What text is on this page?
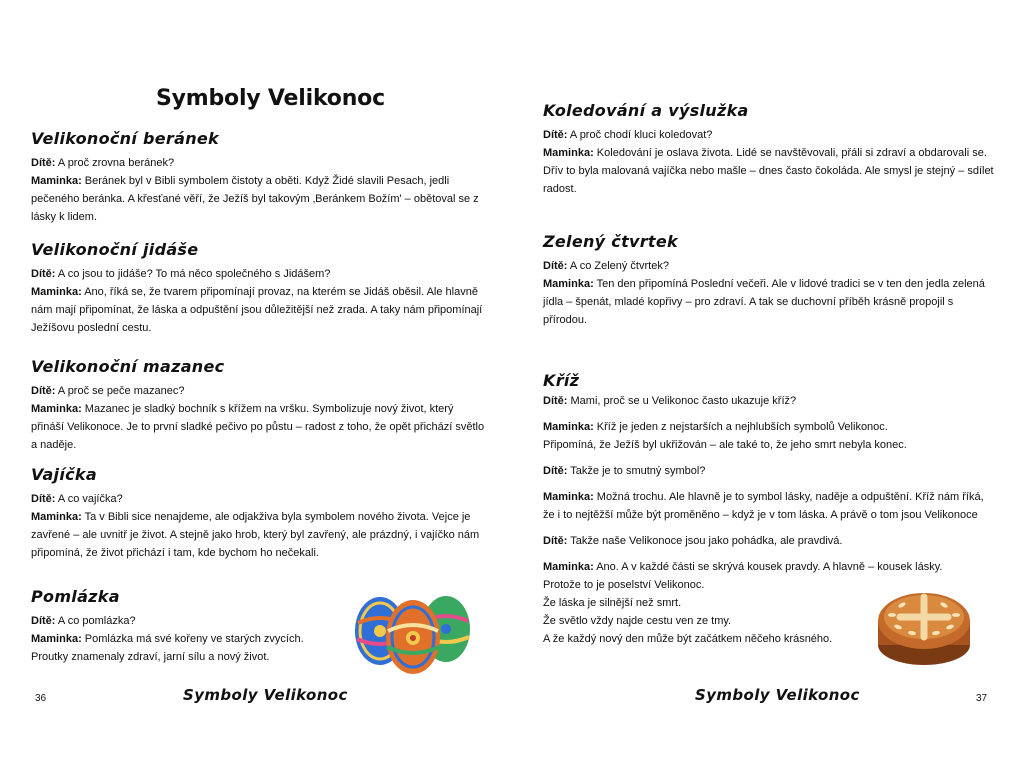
Symboly Velikonoc
Velikonoční beránek

Dítě: A proč zrovna beránek?

Maminka: Beránek byl v Bibli symbolem čistoty a oběti. Když Židé slavili Pesach, jedli pečeného beránka. A křesťané věří, že Ježíš byl takovým ‚Beránkem Božím' – obětoval se z lásky k lidem.

Velikonoční jidáše

Dítě: A co jsou to jidáše? To má něco společného s Jidášem?

Maminka: Ano, říká se, že tvarem připomínají provaz, na kterém se Jidáš oběsil. Ale hlavně nám mají připomínat, že láska a odpuštění jsou důležitější než zrada. A taky nám připomínají Ježíšovu poslední cestu.

Velikonoční mazanec

Dítě: A proč se peče mazanec?

Maminka: Mazanec je sladký bochník s křížem na vršku. Symbolizuje nový život, který přináší Velikonoce. Je to první sladké pečivo po půstu – radost z toho, že opět přichází světlo a naděje.

Vajíčka

Dítě: A co vajíčka?

Maminka: Ta v Bibli sice nenajdeme, ale odjakživa byla symbolem nového života. Vejce je zavřené – ale uvnitř je život. A stejně jako hrob, který byl zavřený, ale prázdný, i vajíčko nám připomíná, že život přichází i tam, kde bychom ho nečekali.

Pomlázka

Dítě: A co pomlázka?

Maminka: Pomlázka má své kořeny ve starých zvycích.

Proutky znamenaly zdraví, jarní sílu a nový život.

Symboly Velikonoc
36
Koledování a výslužka

Dítě: A proč chodí kluci koledovat?

Maminka: Koledování je oslava života. Lidé se navštěvovali, přáli si zdraví a obdarovali se. Dřív to byla malovaná vajíčka nebo mašle – dnes často čokoláda. Ale smysl je stejný – sdílet radost.

Zelený čtvrtek

Dítě: A co Zelený čtvrtek?

Maminka: Ten den připomíná Poslední večeři. Ale v lidové tradici se v ten den jedla zelená jídla – špenát, mladé kopřivy – pro zdraví. A tak se duchovní příběh krásně propojil s přírodou.

Kříž

Dítě: Mami, proč se u Velikonoc často ukazuje kříž?

Maminka: Kříž je jeden z nejstarších a nejhlubších symbolů Velikonoc.

Připomíná, že Ježíš byl ukřižován – ale také to, že jeho smrt nebyla konec.

Dítě: Takže je to smutný symbol?

Maminka: Možná trochu. Ale hlavně je to symbol lásky, naděje a odpuštění. Kříž nám říká, že i to nejtěžší může být proměněno – když je v tom láska. A právě o tom jsou Velikonoce

Dítě: Takže naše Velikonoce jsou jako pohádka, ale pravdivá.

Maminka: Ano. A v každé části se skrývá kousek pravdy. A hlavně – kousek lásky.

Protože to je poselství Velikonoc.

Že láska je silnější než smrt.

Že světlo vždy najde cestu ven ze tmy.

A že každý nový den může být začátkem něčeho krásného.

Symboly Velikonoc	37
